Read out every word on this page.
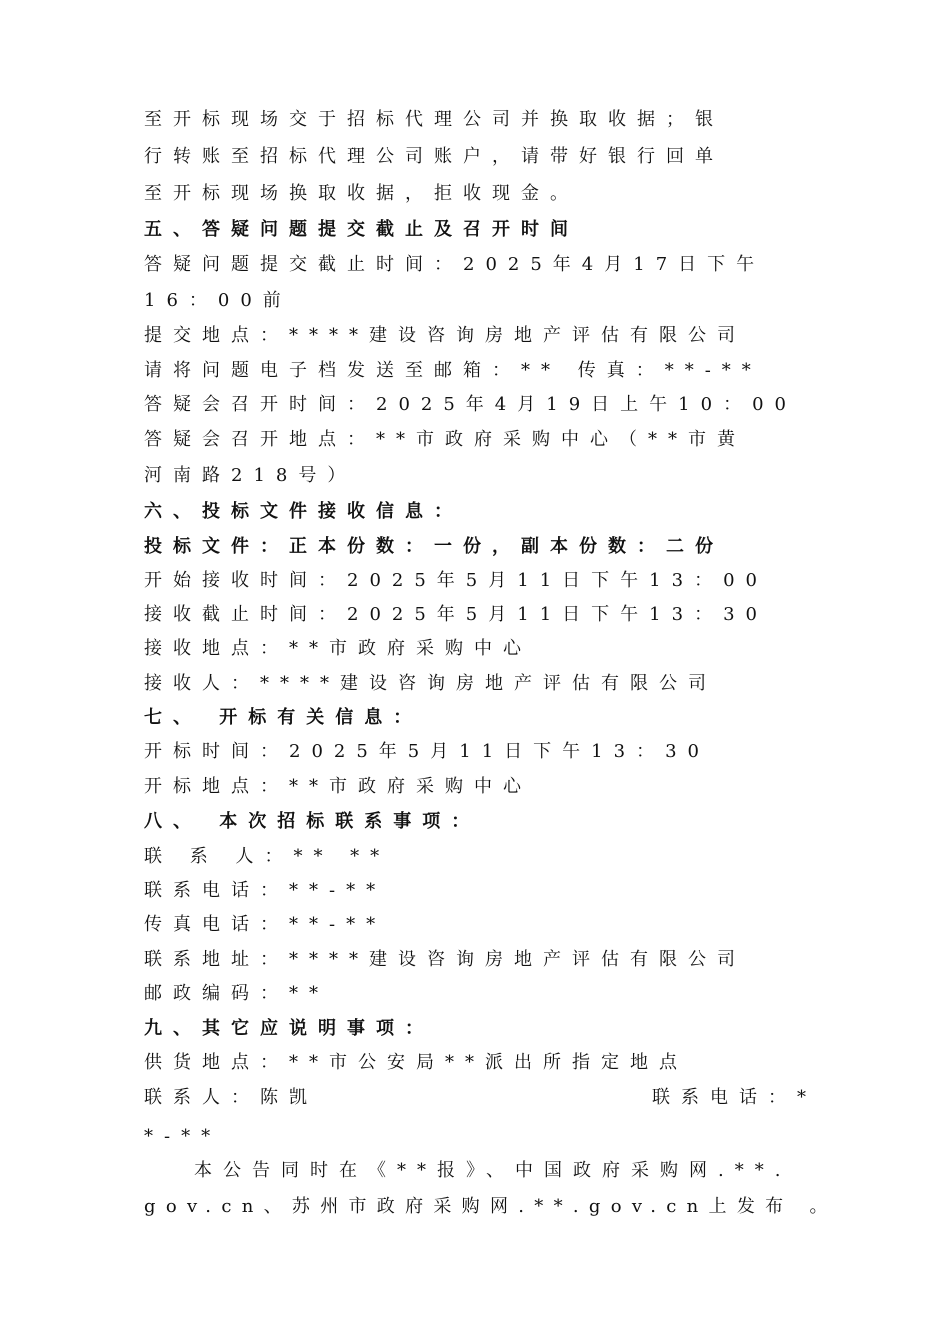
至开标现场交于招标代理公司并换取收据；银
行转账至招标代理公司账户，请带好银行回单
至开标现场换取收据，拒收现金。
五、答疑问题提交截止及召开时间
答疑问题提交截止时间：2025年4月17日下午
16：00前
提交地点：****建设咨询房地产评估有限公司
请将问题电子档发送至邮箱：** 传真：**-**
答疑会召开时间：2025年4月19日上午10：00
答疑会召开地点：**市政府采购中心（**市黄
河南路218号）
六、投标文件接收信息：
投标文件：正本份数：一份，副本份数：二份
开始接收时间：2025年5月11日下午13：00
接收截止时间：2025年5月11日下午13：30
接收地点：**市政府采购中心
接收人：****建设咨询房地产评估有限公司
七、 开标有关信息：
开标时间：2025年5月11日下午13：30
开标地点：**市政府采购中心
八、 本次招标联系事项：
联 系 人：** **
联系电话：**-**
传真电话：**-**
联系地址：****建设咨询房地产评估有限公司
邮政编码：**
九、其它应说明事项：
供货地点：**市公安局**派出所指定地点
联系人：陈凯	联系电话：*
*-**
本公告同时在《**报》、中国政府采购网.**.
gov.cn、苏州市政府采购网.**.gov.cn上发布 。
